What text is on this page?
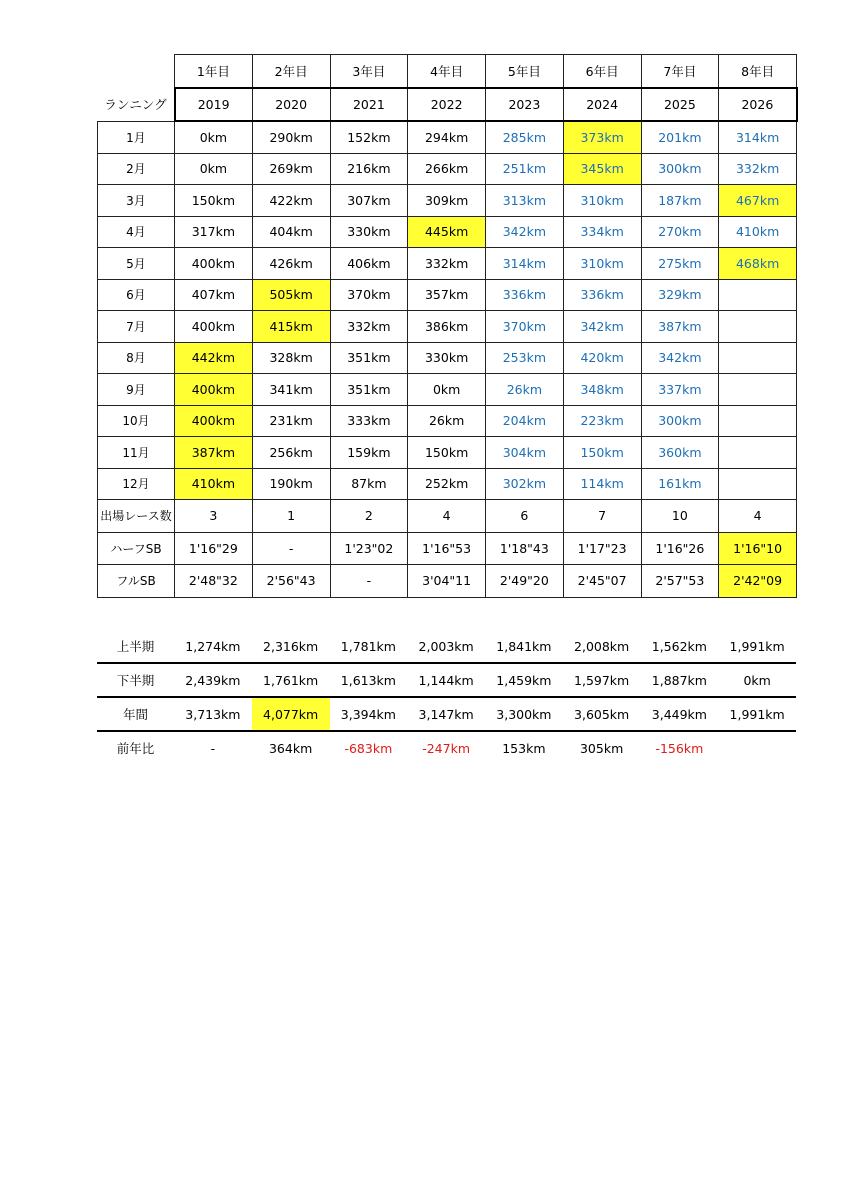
	1年目	2年目	3年目	4年目	5年目	6年目	7年目	8年目
ランニング	2019	2020	2021	2022	2023	2024	2025	2026
1月	0km	290km	152km	294km	285km	373km	201km	314km
2月	0km	269km	216km	266km	251km	345km	300km	332km
3月	150km	422km	307km	309km	313km	310km	187km	467km
4月	317km	404km	330km	445km	342km	334km	270km	410km
5月	400km	426km	406km	332km	314km	310km	275km	468km
6月	407km	505km	370km	357km	336km	336km	329km	
7月	400km	415km	332km	386km	370km	342km	387km	
8月	442km	328km	351km	330km	253km	420km	342km	
9月	400km	341km	351km	0km	26km	348km	337km	
10月	400km	231km	333km	26km	204km	223km	300km	
11月	387km	256km	159km	150km	304km	150km	360km	
12月	410km	190km	87km	252km	302km	114km	161km	
出場レース数	3	1	2	4	6	7	10	4
ハーフSB	1'16"29	-	1'23"02	1'16"53	1'18"43	1'17"23	1'16"26	1'16"10
フルSB	2'48"32	2'56"43	-	3'04"11	2'49"20	2'45"07	2'57"53	2'42"09
上半期	1,274km	2,316km	1,781km	2,003km	1,841km	2,008km	1,562km	1,991km
下半期	2,439km	1,761km	1,613km	1,144km	1,459km	1,597km	1,887km	0km
年間	3,713km	4,077km	3,394km	3,147km	3,300km	3,605km	3,449km	1,991km
前年比	-	364km	-683km	-247km	153km	305km	-156km	
